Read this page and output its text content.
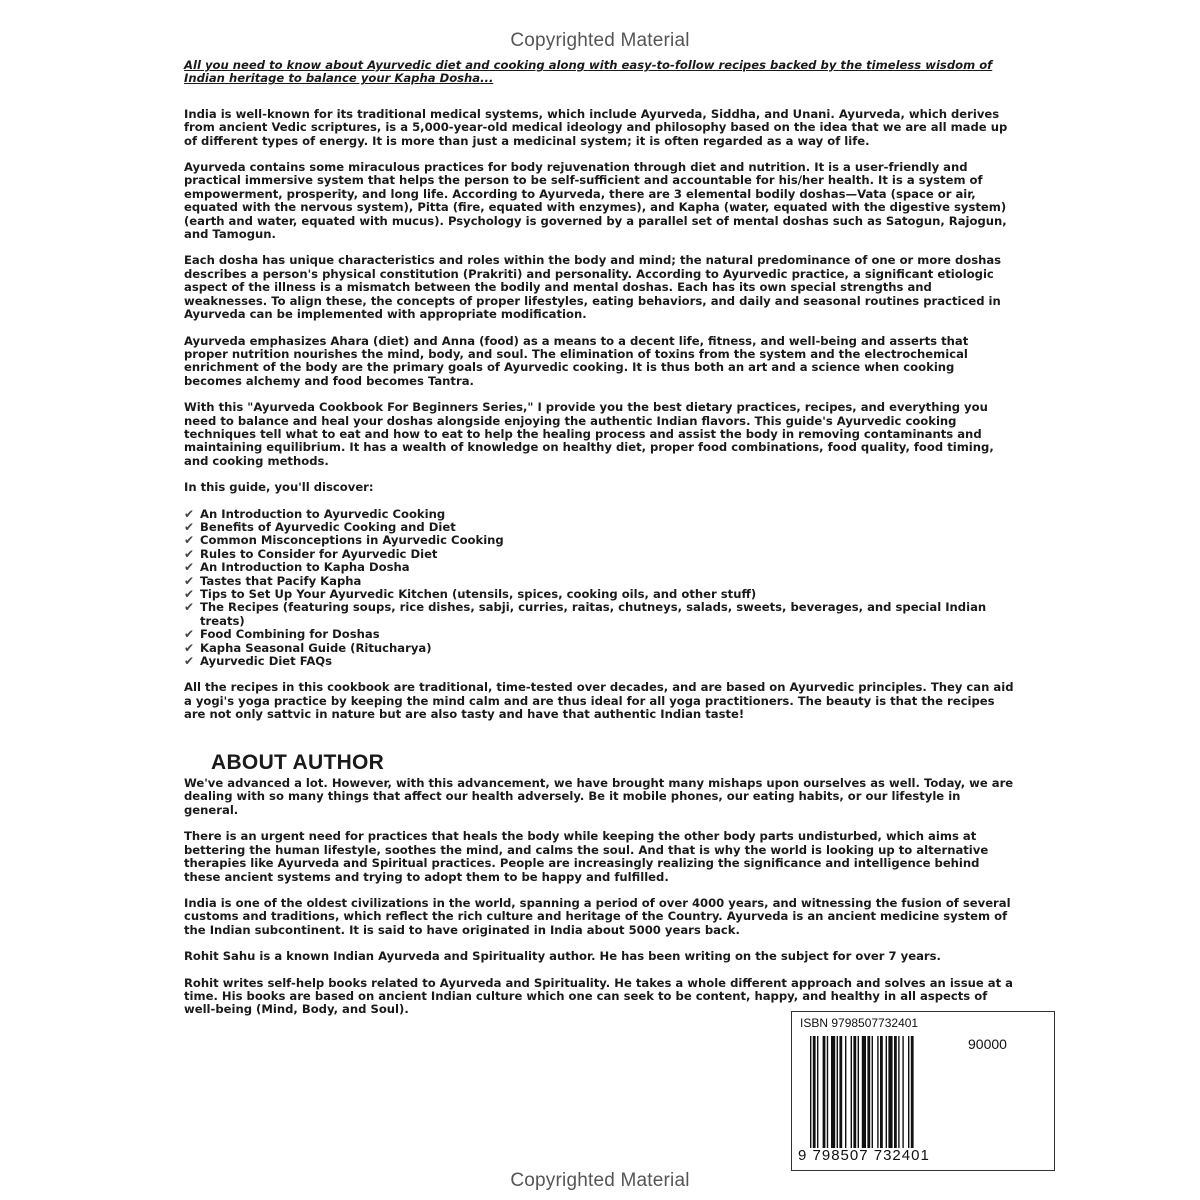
Copyrighted Material

All you need to know about Ayurvedic diet and cooking along with easy-to-follow recipes backed by the timeless wisdom of Indian heritage to balance your Kapha Dosha...

India is well-known for its traditional medical systems, which include Ayurveda, Siddha, and Unani. Ayurveda, which derives from ancient Vedic scriptures, is a 5,000-year-old medical ideology and philosophy based on the idea that we are all made up of different types of energy. It is more than just a medicinal system; it is often regarded as a way of life.

Ayurveda contains some miraculous practices for body rejuvenation through diet and nutrition. It is a user-friendly and practical immersive system that helps the person to be self-sufficient and accountable for his/her health. It is a system of empowerment, prosperity, and long life. According to Ayurveda, there are 3 elemental bodily doshas—Vata (space or air, equated with the nervous system), Pitta (fire, equated with enzymes), and Kapha (water, equated with the digestive system) (earth and water, equated with mucus). Psychology is governed by a parallel set of mental doshas such as Satogun, Rajogun, and Tamogun.

Each dosha has unique characteristics and roles within the body and mind; the natural predominance of one or more doshas describes a person's physical constitution (Prakriti) and personality. According to Ayurvedic practice, a significant etiologic aspect of the illness is a mismatch between the bodily and mental doshas. Each has its own special strengths and weaknesses. To align these, the concepts of proper lifestyles, eating behaviors, and daily and seasonal routines practiced in Ayurveda can be implemented with appropriate modification.

Ayurveda emphasizes Ahara (diet) and Anna (food) as a means to a decent life, fitness, and well-being and asserts that proper nutrition nourishes the mind, body, and soul. The elimination of toxins from the system and the electrochemical enrichment of the body are the primary goals of Ayurvedic cooking. It is thus both an art and a science when cooking becomes alchemy and food becomes Tantra.

With this "Ayurveda Cookbook For Beginners Series," I provide you the best dietary practices, recipes, and everything you need to balance and heal your doshas alongside enjoying the authentic Indian flavors. This guide's Ayurvedic cooking techniques tell what to eat and how to eat to help the healing process and assist the body in removing contaminants and maintaining equilibrium. It has a wealth of knowledge on healthy diet, proper food combinations, food quality, food timing, and cooking methods.

In this guide, you'll discover:

✔ An Introduction to Ayurvedic Cooking
✔ Benefits of Ayurvedic Cooking and Diet
✔ Common Misconceptions in Ayurvedic Cooking
✔ Rules to Consider for Ayurvedic Diet
✔ An Introduction to Kapha Dosha
✔ Tastes that Pacify Kapha
✔ Tips to Set Up Your Ayurvedic Kitchen (utensils, spices, cooking oils, and other stuff)
✔ The Recipes (featuring soups, rice dishes, sabji, curries, raitas, chutneys, salads, sweets, beverages, and special Indian treats)
✔ Food Combining for Doshas
✔ Kapha Seasonal Guide (Ritucharya)
✔ Ayurvedic Diet FAQs

All the recipes in this cookbook are traditional, time-tested over decades, and are based on Ayurvedic principles. They can aid a yogi's yoga practice by keeping the mind calm and are thus ideal for all yoga practitioners. The beauty is that the recipes are not only sattvic in nature but are also tasty and have that authentic Indian taste!

ABOUT AUTHOR

We've advanced a lot. However, with this advancement, we have brought many mishaps upon ourselves as well. Today, we are dealing with so many things that affect our health adversely. Be it mobile phones, our eating habits, or our lifestyle in general.

There is an urgent need for practices that heals the body while keeping the other body parts undisturbed, which aims at bettering the human lifestyle, soothes the mind, and calms the soul. And that is why the world is looking up to alternative therapies like Ayurveda and Spiritual practices. People are increasingly realizing the significance and intelligence behind these ancient systems and trying to adopt them to be happy and fulfilled.

India is one of the oldest civilizations in the world, spanning a period of over 4000 years, and witnessing the fusion of several customs and traditions, which reflect the rich culture and heritage of the Country. Ayurveda is an ancient medicine system of the Indian subcontinent. It is said to have originated in India about 5000 years back.

Rohit Sahu is a known Indian Ayurveda and Spirituality author. He has been writing on the subject for over 7 years.

Rohit writes self-help books related to Ayurveda and Spirituality. He takes a whole different approach and solves an issue at a time. His books are based on ancient Indian culture which one can seek to be content, happy, and healthy in all aspects of well-being (Mind, Body, and Soul).

ISBN 9798507732401
90000
9 798507 732401
Copyrighted Material
